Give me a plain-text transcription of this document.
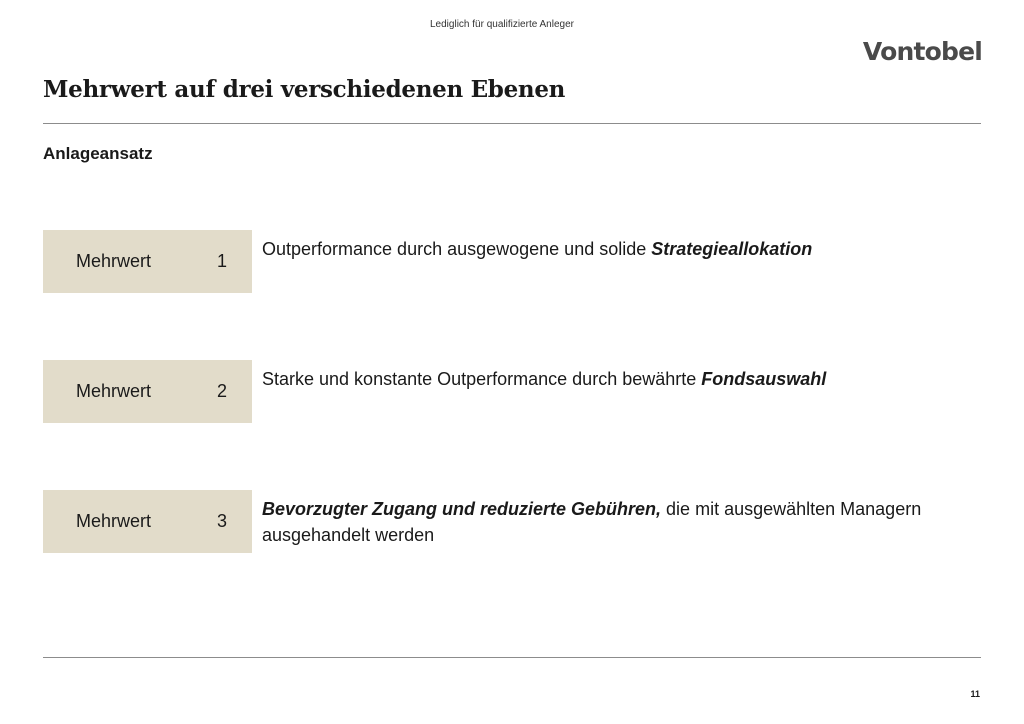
Lediglich für qualifizierte Anleger
Vontobel
Mehrwert auf drei verschiedenen Ebenen
Anlageansatz
Mehrwert	1
Outperformance durch ausgewogene und solide Strategieallokation
Mehrwert	2
Starke und konstante Outperformance durch bewährte Fondsauswahl
Mehrwert	3
Bevorzugter Zugang und reduzierte Gebühren, die mit ausgewählten Managern ausgehandelt werden
11
